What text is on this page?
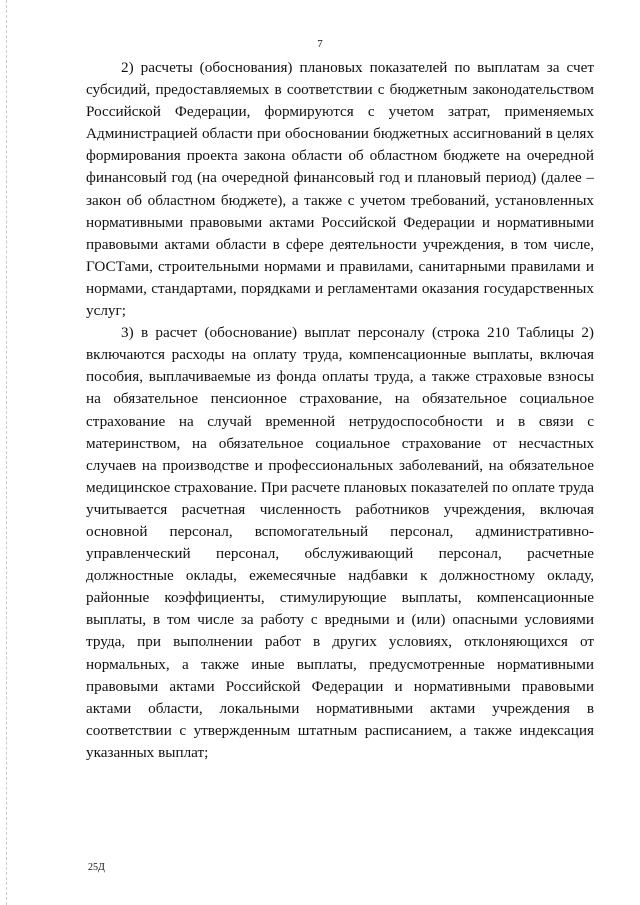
7

2) расчеты (обоснования) плановых показателей по выплатам за счет субсидий, предоставляемых в соответствии с бюджетным законодательством Российской Федерации, формируются с учетом затрат, применяемых Администрацией области при обосновании бюджетных ассигнований в целях формирования проекта закона области об областном бюджете на очередной финансовый год (на очередной финансовый год и плановый период) (далее – закон об областном бюджете), а также с учетом требований, установленных нормативными правовыми актами Российской Федерации и нормативными правовыми актами области в сфере деятельности учреждения, в том числе, ГОСТами, строительными нормами и правилами, санитарными правилами и нормами, стандартами, порядками и регламентами оказания государственных услуг;

3) в расчет (обоснование) выплат персоналу (строка 210 Таблицы 2) включаются расходы на оплату труда, компенсационные выплаты, включая пособия, выплачиваемые из фонда оплаты труда, а также страховые взносы на обязательное пенсионное страхование, на обязательное социальное страхование на случай временной нетрудоспособности и в связи с материнством, на обязательное социальное страхование от несчастных случаев на производстве и профессиональных заболеваний, на обязательное медицинское страхование. При расчете плановых показателей по оплате труда учитывается расчетная численность работников учреждения, включая основной персонал, вспомогательный персонал, административно-управленческий персонал, обслуживающий персонал, расчетные должностные оклады, ежемесячные надбавки к должностному окладу, районные коэффициенты, стимулирующие выплаты, компенсационные выплаты, в том числе за работу с вредными и (или) опасными условиями труда, при выполнении работ в других условиях, отклоняющихся от нормальных, а также иные выплаты, предусмотренные нормативными правовыми актами Российской Федерации и нормативными правовыми актами области, локальными нормативными актами учреждения в соответствии с утвержденным штатным расписанием, а также индексация указанных выплат;

25Д
